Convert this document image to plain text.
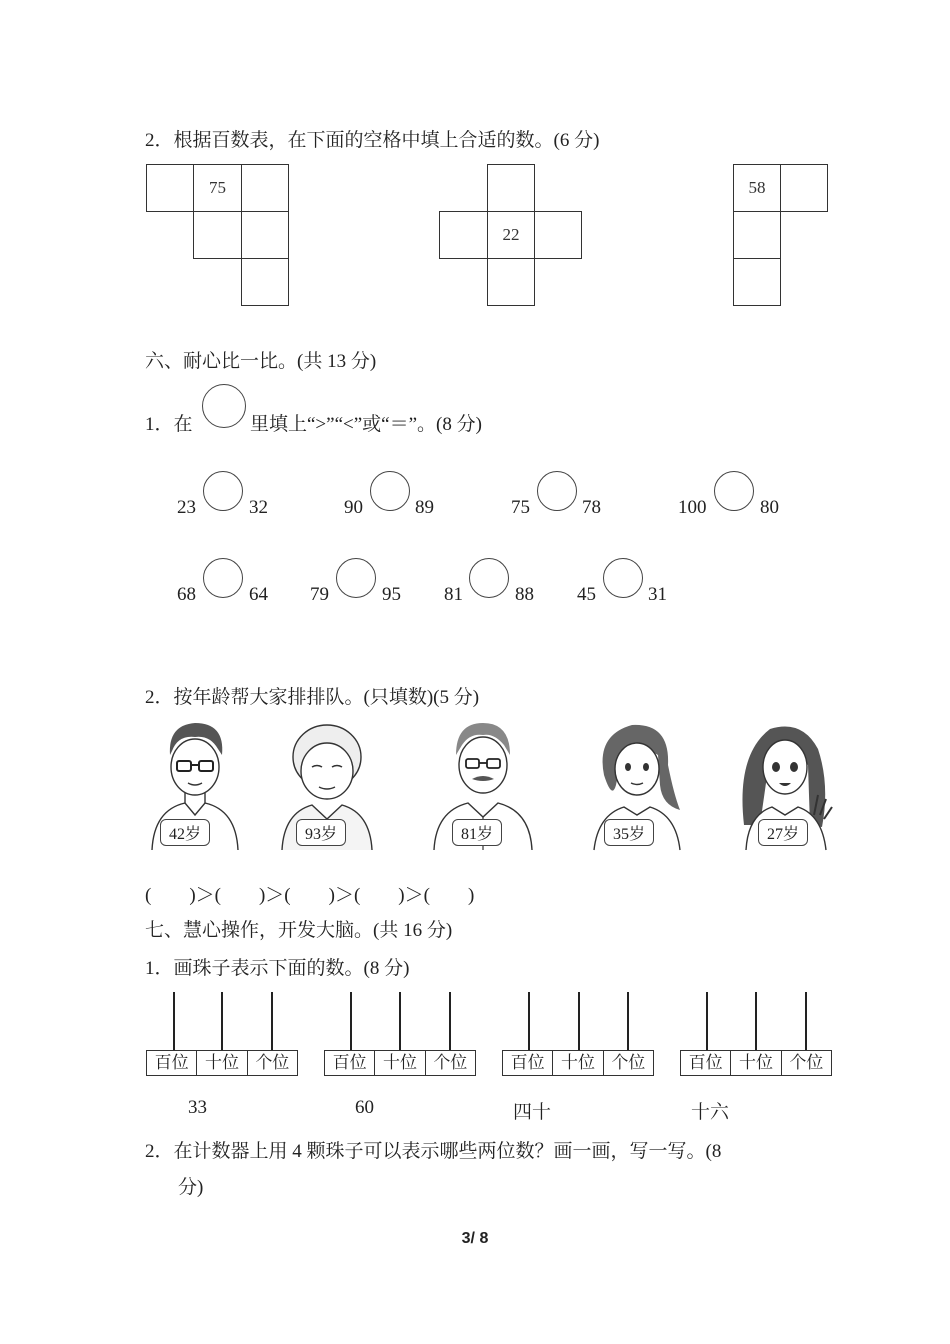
2．根据百数表，在下面的空格中填上合适的数。(6 分)
75
22
58
六、耐心比一比。(共 13 分)
1．在	里填上“>”“<”或“＝”。(8 分)
23	32	90	89	75	78	100	80
68	64 79	95 81	88 45	31
2．按年龄帮大家排排队。(只填数)(5 分)
42岁	93岁	81岁	35岁	27岁
(　　)＞(　　)＞(　　)＞(　　)＞(　　)
七、慧心操作，开发大脑。(共 16 分)
1．画珠子表示下面的数。(8 分)
百位 十位 个位
33
百位 十位 个位
60
百位 十位 个位
四十
百位 十位 个位
十六
2．在计数器上用 4 颗珠子可以表示哪些两位数？画一画，写一写。(8
分)
3/ 8
